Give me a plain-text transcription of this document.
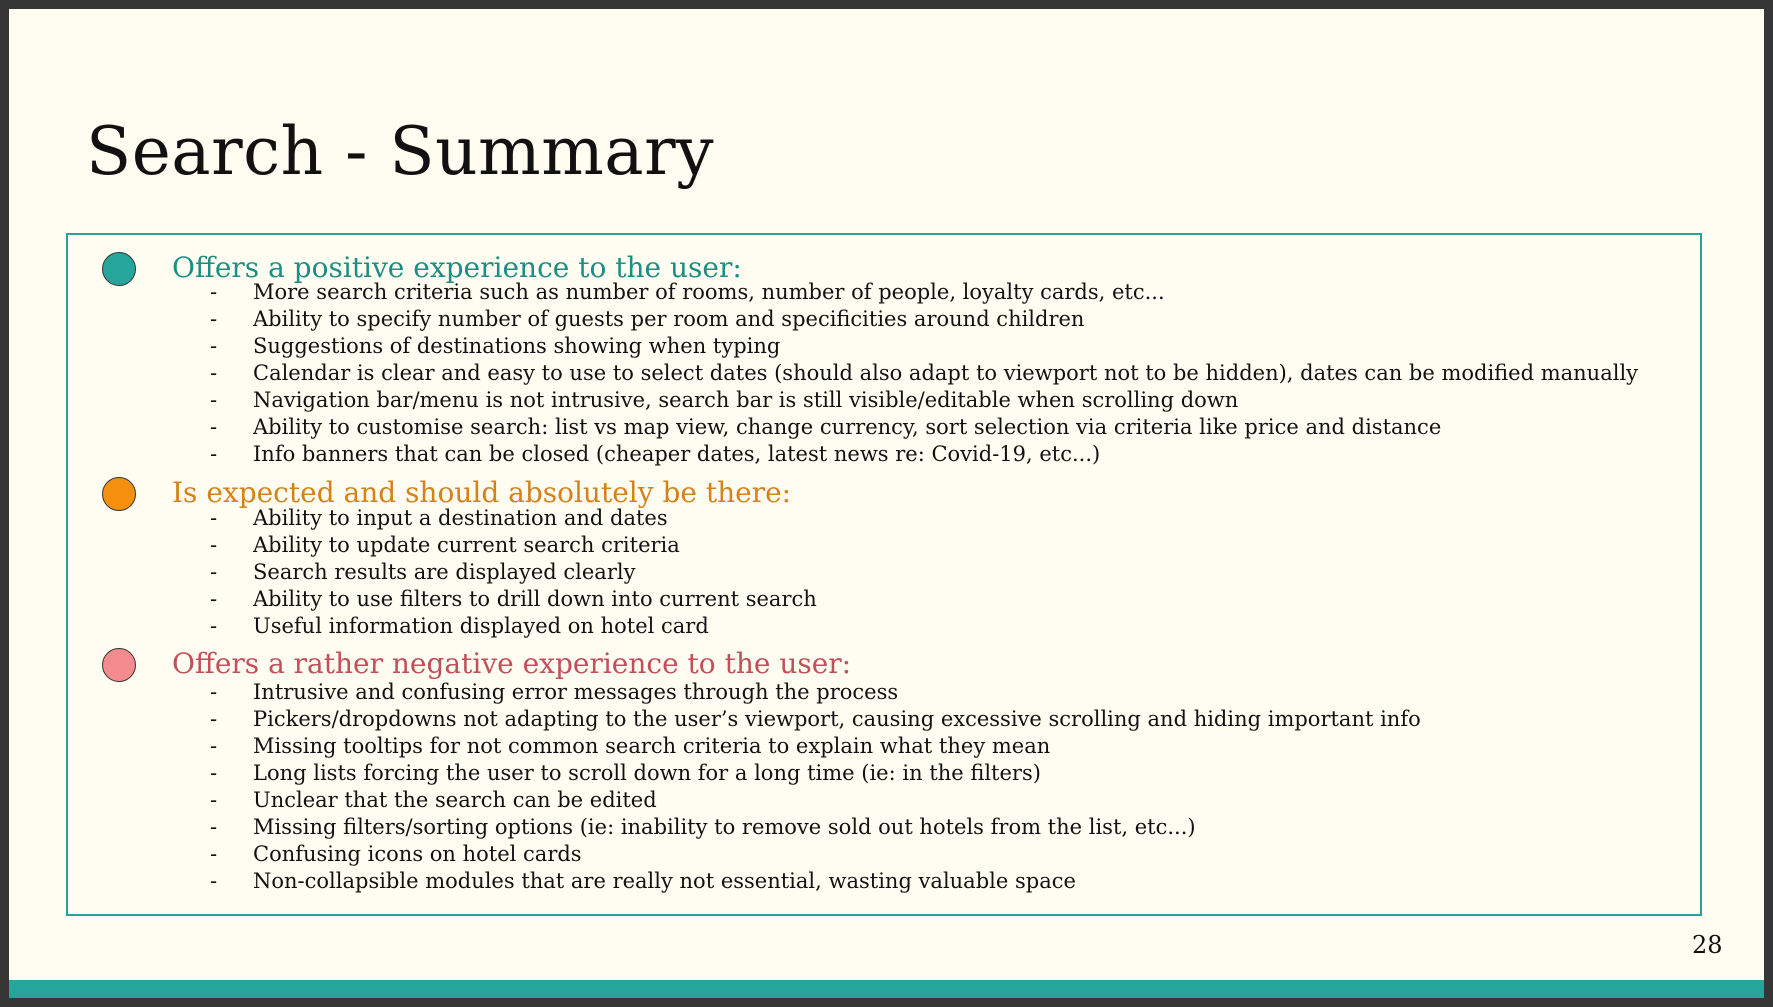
Search - Summary
Offers a positive experience to the user:
- More search criteria such as number of rooms, number of people, loyalty cards, etc...
- Ability to specify number of guests per room and specificities around children
- Suggestions of destinations showing when typing
- Calendar is clear and easy to use to select dates (should also adapt to viewport not to be hidden), dates can be modified manually
- Navigation bar/menu is not intrusive, search bar is still visible/editable when scrolling down
- Ability to customise search: list vs map view, change currency, sort selection via criteria like price and distance
- Info banners that can be closed (cheaper dates, latest news re: Covid-19, etc...)
Is expected and should absolutely be there:
- Ability to input a destination and dates
- Ability to update current search criteria
- Search results are displayed clearly
- Ability to use filters to drill down into current search
- Useful information displayed on hotel card
Offers a rather negative experience to the user:
- Intrusive and confusing error messages through the process
- Pickers/dropdowns not adapting to the user’s viewport, causing excessive scrolling and hiding important info
- Missing tooltips for not common search criteria to explain what they mean
- Long lists forcing the user to scroll down for a long time (ie: in the filters)
- Unclear that the search can be edited
- Missing filters/sorting options (ie: inability to remove sold out hotels from the list, etc...)
- Confusing icons on hotel cards
- Non-collapsible modules that are really not essential, wasting valuable space
28
